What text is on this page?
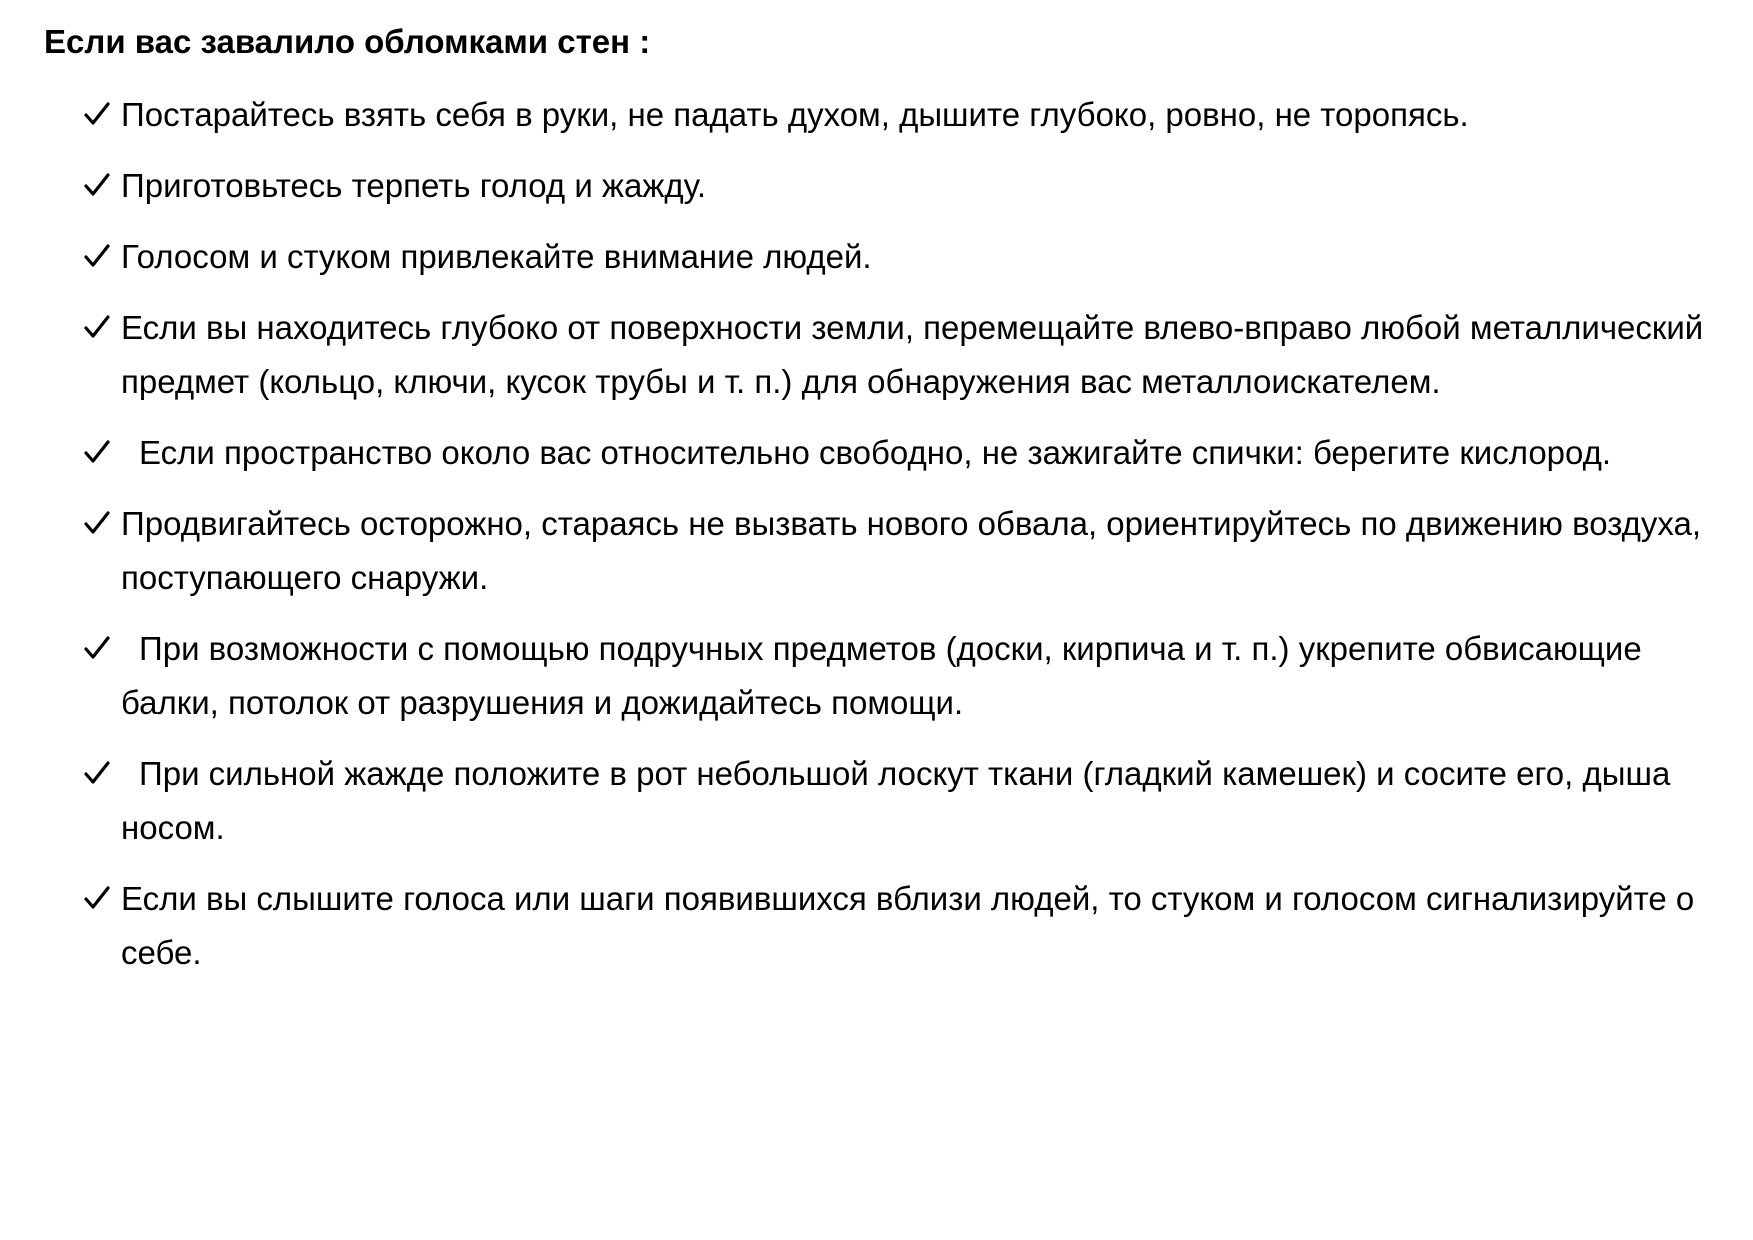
Если вас завалило обломками стен :
Постарайтесь взять себя в руки, не падать духом, дышите глубоко, ровно, не торопясь.
Приготовьтесь терпеть голод и жажду.
Голосом и стуком привлекайте внимание людей.
Если вы находитесь глубоко от поверхности земли, перемещайте влево-вправо любой металлический предмет (кольцо, ключи, кусок трубы и т. п.) для обнаружения вас металлоискателем.
Если пространство около вас относительно свободно, не зажигайте спички: берегите кислород.
Продвигайтесь осторожно, стараясь не вызвать нового обвала, ориентируйтесь по движению воздуха, поступающего снаружи.
При возможности с помощью подручных предметов (доски, кирпича и т. п.) укрепите обвисающие балки, потолок от разрушения и дожидайтесь помощи.
При сильной жажде положите в рот небольшой лоскут ткани (гладкий камешек) и сосите его, дыша носом.
Если вы слышите голоса или шаги появившихся вблизи людей, то стуком и голосом сигнализируйте о себе.
